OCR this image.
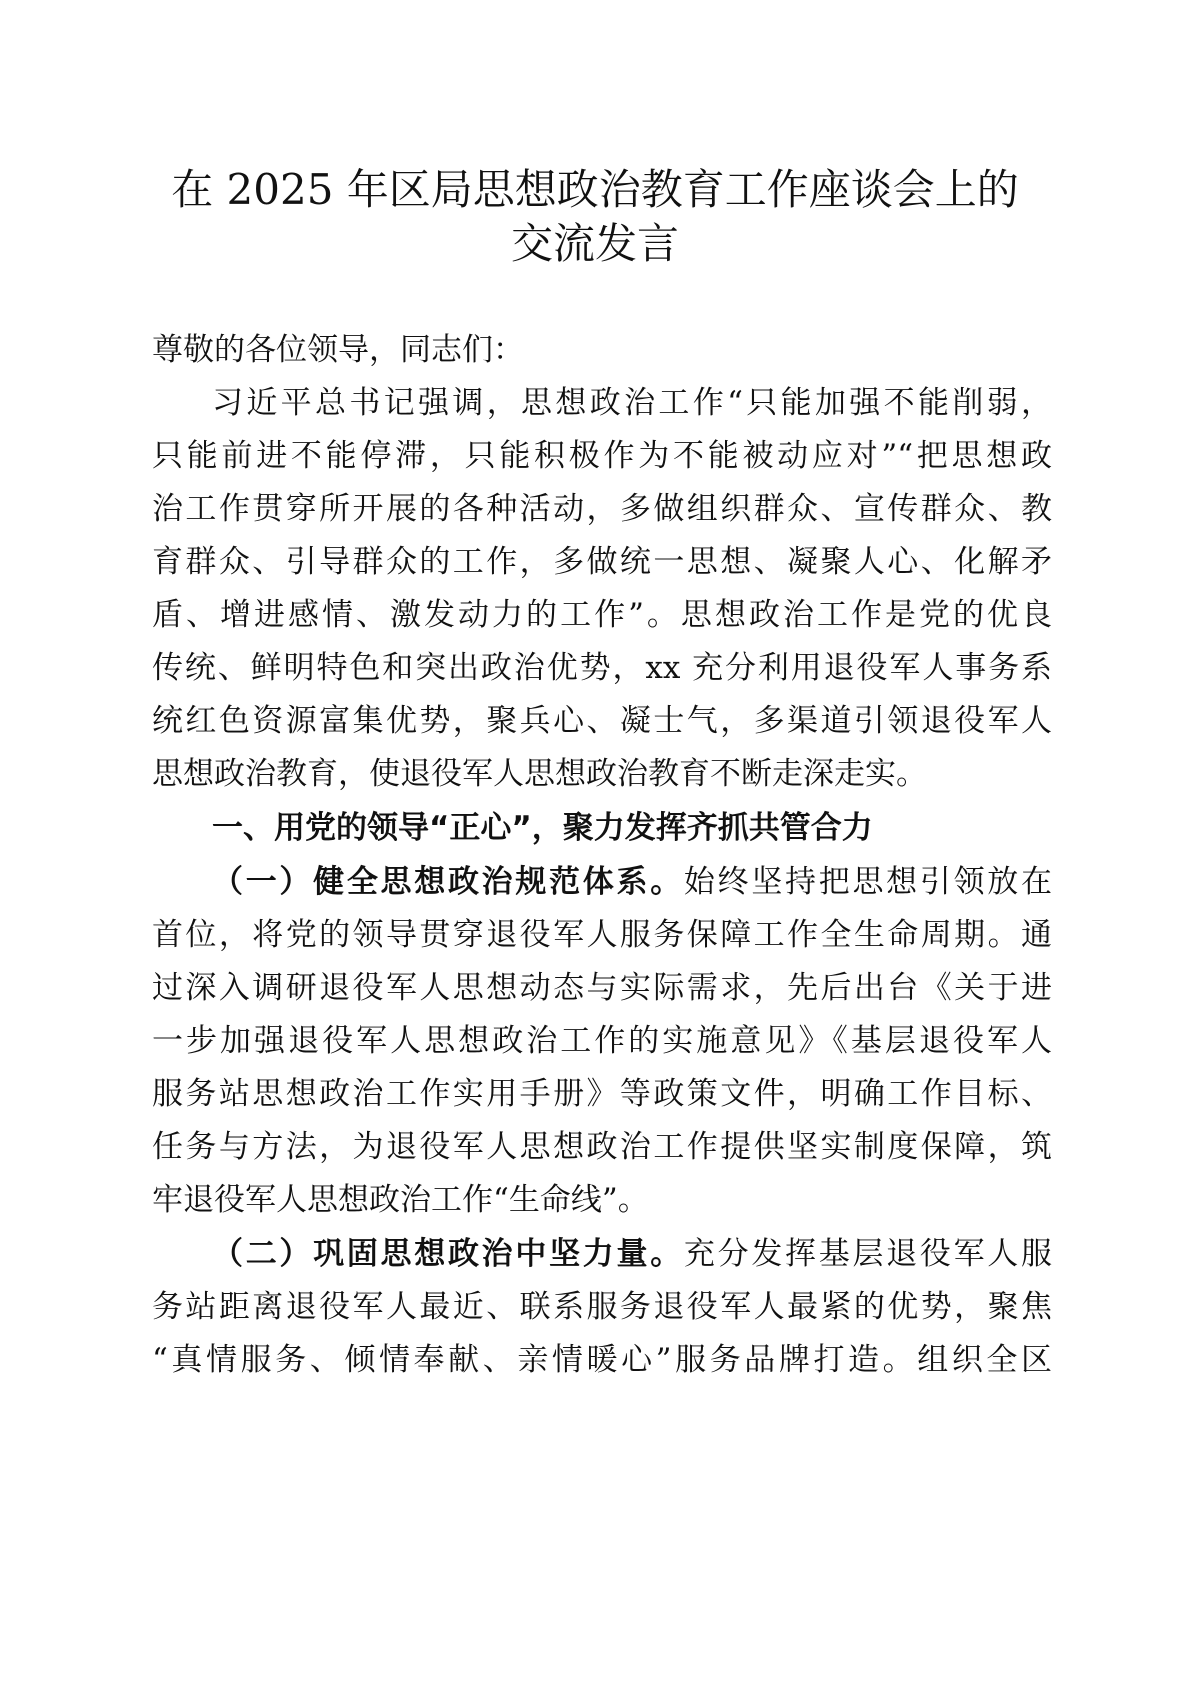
在 2025 年区局思想政治教育工作座谈会上的
交流发言
尊敬的各位领导，同志们：
习近平总书记强调，思想政治工作“只能加强不能削弱，
只能前进不能停滞，只能积极作为不能被动应对”“把思想政
治工作贯穿所开展的各种活动，多做组织群众、宣传群众、教
育群众、引导群众的工作，多做统一思想、凝聚人心、化解矛
盾、增进感情、激发动力的工作”。思想政治工作是党的优良
传统、鲜明特色和突出政治优势，xx 充分利用退役军人事务系
统红色资源富集优势，聚兵心、凝士气，多渠道引领退役军人
思想政治教育，使退役军人思想政治教育不断走深走实。
一、用党的领导“正心”，聚力发挥齐抓共管合力
（一）健全思想政治规范体系。始终坚持把思想引领放在
首位，将党的领导贯穿退役军人服务保障工作全生命周期。通
过深入调研退役军人思想动态与实际需求，先后出台《关于进
一步加强退役军人思想政治工作的实施意见》《基层退役军人
服务站思想政治工作实用手册》等政策文件，明确工作目标、
任务与方法，为退役军人思想政治工作提供坚实制度保障，筑
牢退役军人思想政治工作“生命线”。
（二）巩固思想政治中坚力量。充分发挥基层退役军人服
务站距离退役军人最近、联系服务退役军人最紧的优势，聚焦
“真情服务、倾情奉献、亲情暖心”服务品牌打造。组织全区
